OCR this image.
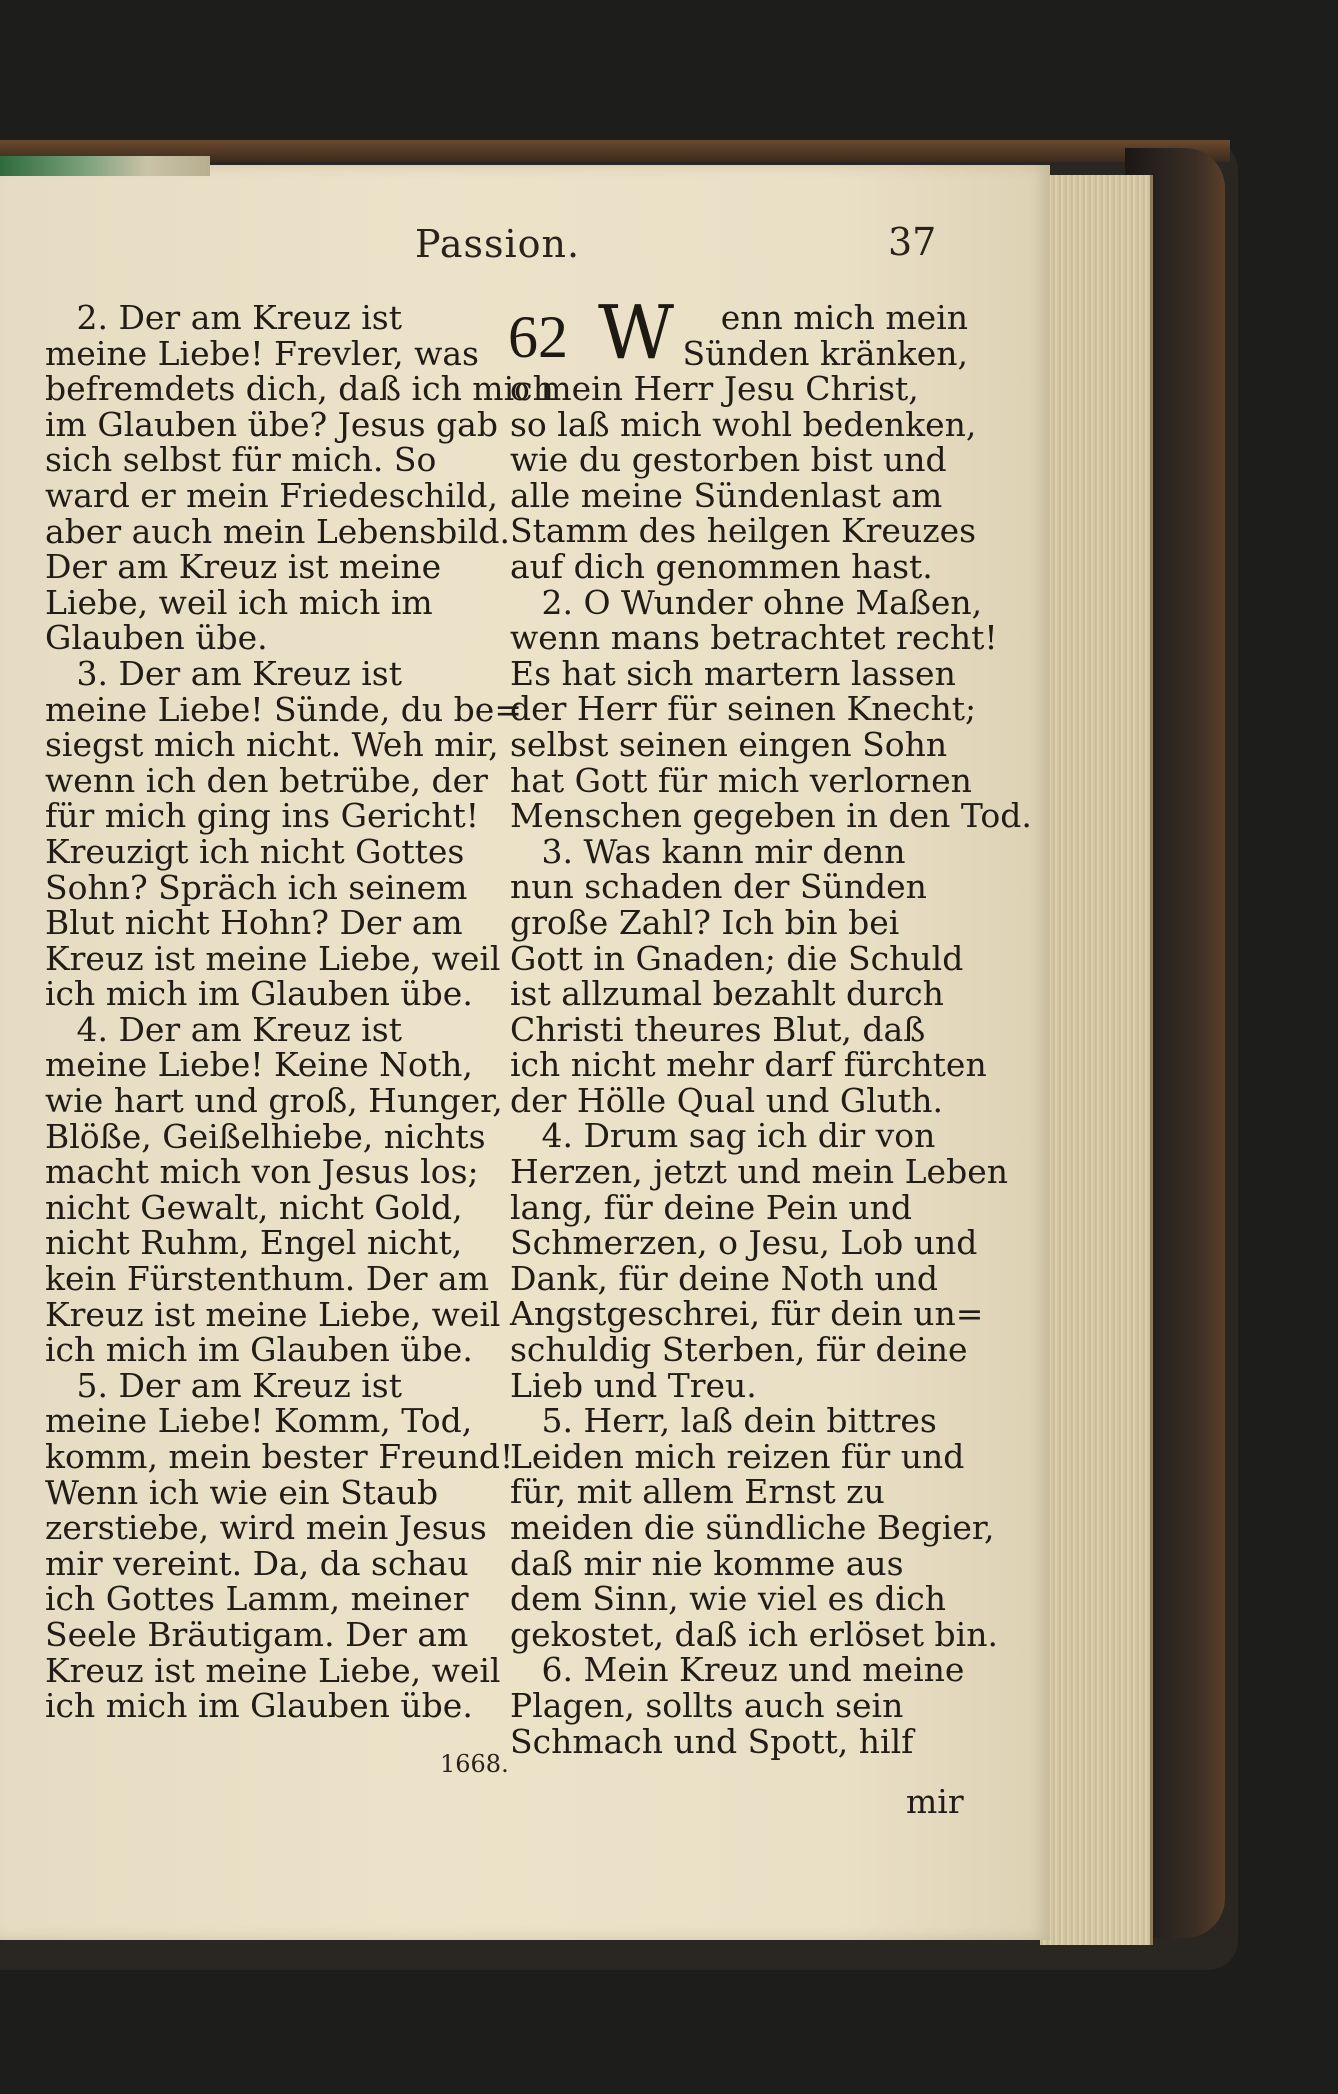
Passion.	37
2. Der am Kreuz ist
meine Liebe! Frevler, was
befremdets dich, daß ich mich
im Glauben übe? Jesus gab
sich selbst für mich. So
ward er mein Friedeschild,
aber auch mein Lebensbild.
Der am Kreuz ist meine
Liebe, weil ich mich im
Glauben übe.
3. Der am Kreuz ist
meine Liebe! Sünde, du be=
siegst mich nicht. Weh mir,
wenn ich den betrübe, der
für mich ging ins Gericht!
Kreuzigt ich nicht Gottes
Sohn? Spräch ich seinem
Blut nicht Hohn? Der am
Kreuz ist meine Liebe, weil
ich mich im Glauben übe.
4. Der am Kreuz ist
meine Liebe! Keine Noth,
wie hart und groß, Hunger,
Blöße, Geißelhiebe, nichts
macht mich von Jesus los;
nicht Gewalt, nicht Gold,
nicht Ruhm, Engel nicht,
kein Fürstenthum. Der am
Kreuz ist meine Liebe, weil
ich mich im Glauben übe.
5. Der am Kreuz ist
meine Liebe! Komm, Tod,
komm, mein bester Freund!
Wenn ich wie ein Staub
zerstiebe, wird mein Jesus
mir vereint. Da, da schau
ich Gottes Lamm, meiner
Seele Bräutigam. Der am
Kreuz ist meine Liebe, weil
ich mich im Glauben übe.
62 W	enn mich mein
Sünden kränken,
o mein Herr Jesu Christ,
so laß mich wohl bedenken,
wie du gestorben bist und
alle meine Sündenlast am
Stamm des heilgen Kreuzes
auf dich genommen hast.
2. O Wunder ohne Maßen,
wenn mans betrachtet recht!
Es hat sich martern lassen
der Herr für seinen Knecht;
selbst seinen eingen Sohn
hat Gott für mich verlornen
Menschen gegeben in den Tod.
3. Was kann mir denn
nun schaden der Sünden
große Zahl? Ich bin bei
Gott in Gnaden; die Schuld
ist allzumal bezahlt durch
Christi theures Blut, daß
ich nicht mehr darf fürchten
der Hölle Qual und Gluth.
4. Drum sag ich dir von
Herzen, jetzt und mein Leben
lang, für deine Pein und
Schmerzen, o Jesu, Lob und
Dank, für deine Noth und
Angstgeschrei, für dein un=
schuldig Sterben, für deine
Lieb und Treu.
5. Herr, laß dein bittres
Leiden mich reizen für und
für, mit allem Ernst zu
meiden die sündliche Begier,
daß mir nie komme aus
dem Sinn, wie viel es dich
gekostet, daß ich erlöset bin.
6. Mein Kreuz und meine
Plagen, sollts auch sein
Schmach und Spott, hilf
1668.
mir
